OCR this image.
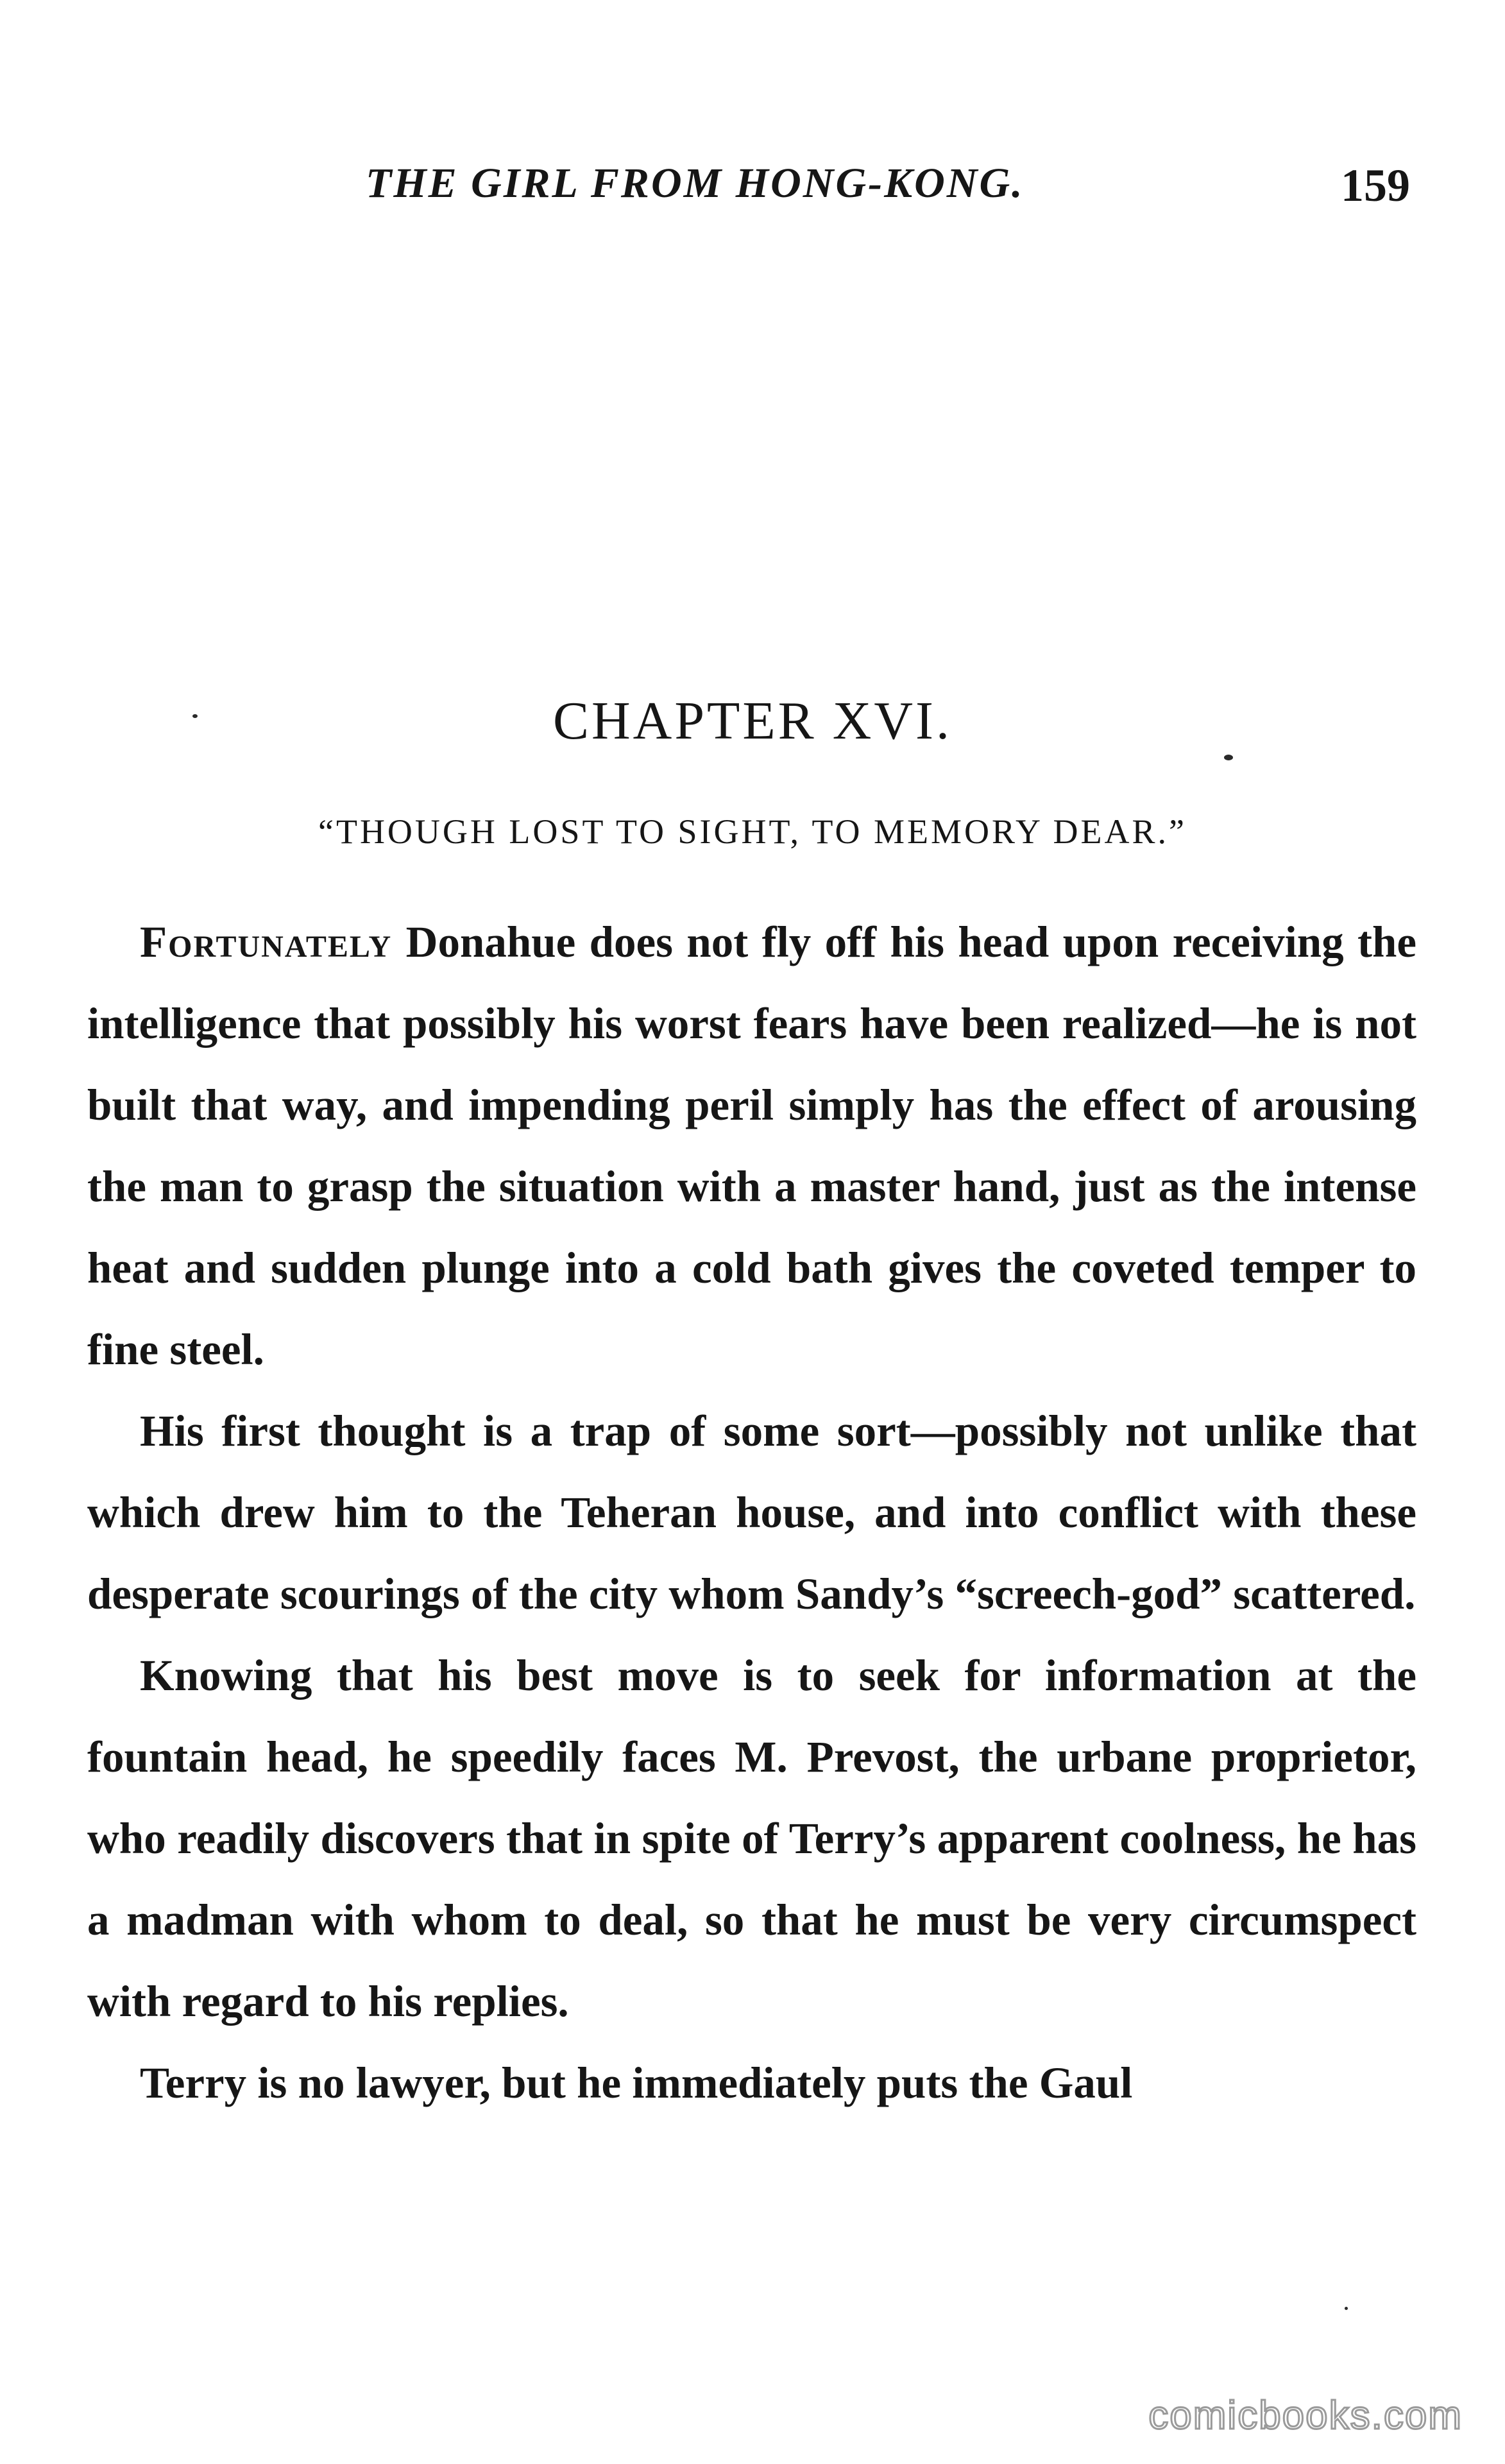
THE GIRL FROM HONG-KONG.	159
CHAPTER XVI.
“THOUGH LOST TO SIGHT, TO MEMORY DEAR.”

Fortunately Donahue does not fly off his head upon receiving the intelligence that possibly his worst fears have been realized—he is not built that way, and impending peril simply has the effect of arousing the man to grasp the situation with a master hand, just as the intense heat and sudden plunge into a cold bath gives the coveted temper to fine steel.

His first thought is a trap of some sort—possibly not unlike that which drew him to the Teheran house, and into conflict with these desperate scourings of the city whom Sandy’s “screech-god” scattered.

Knowing that his best move is to seek for information at the fountain head, he speedily faces M. Prevost, the urbane proprietor, who readily discovers that in spite of Terry’s apparent coolness, he has a madman with whom to deal, so that he must be very circumspect with regard to his replies.

Terry is no lawyer, but he immediately puts the Gaul

comicbooks.com
